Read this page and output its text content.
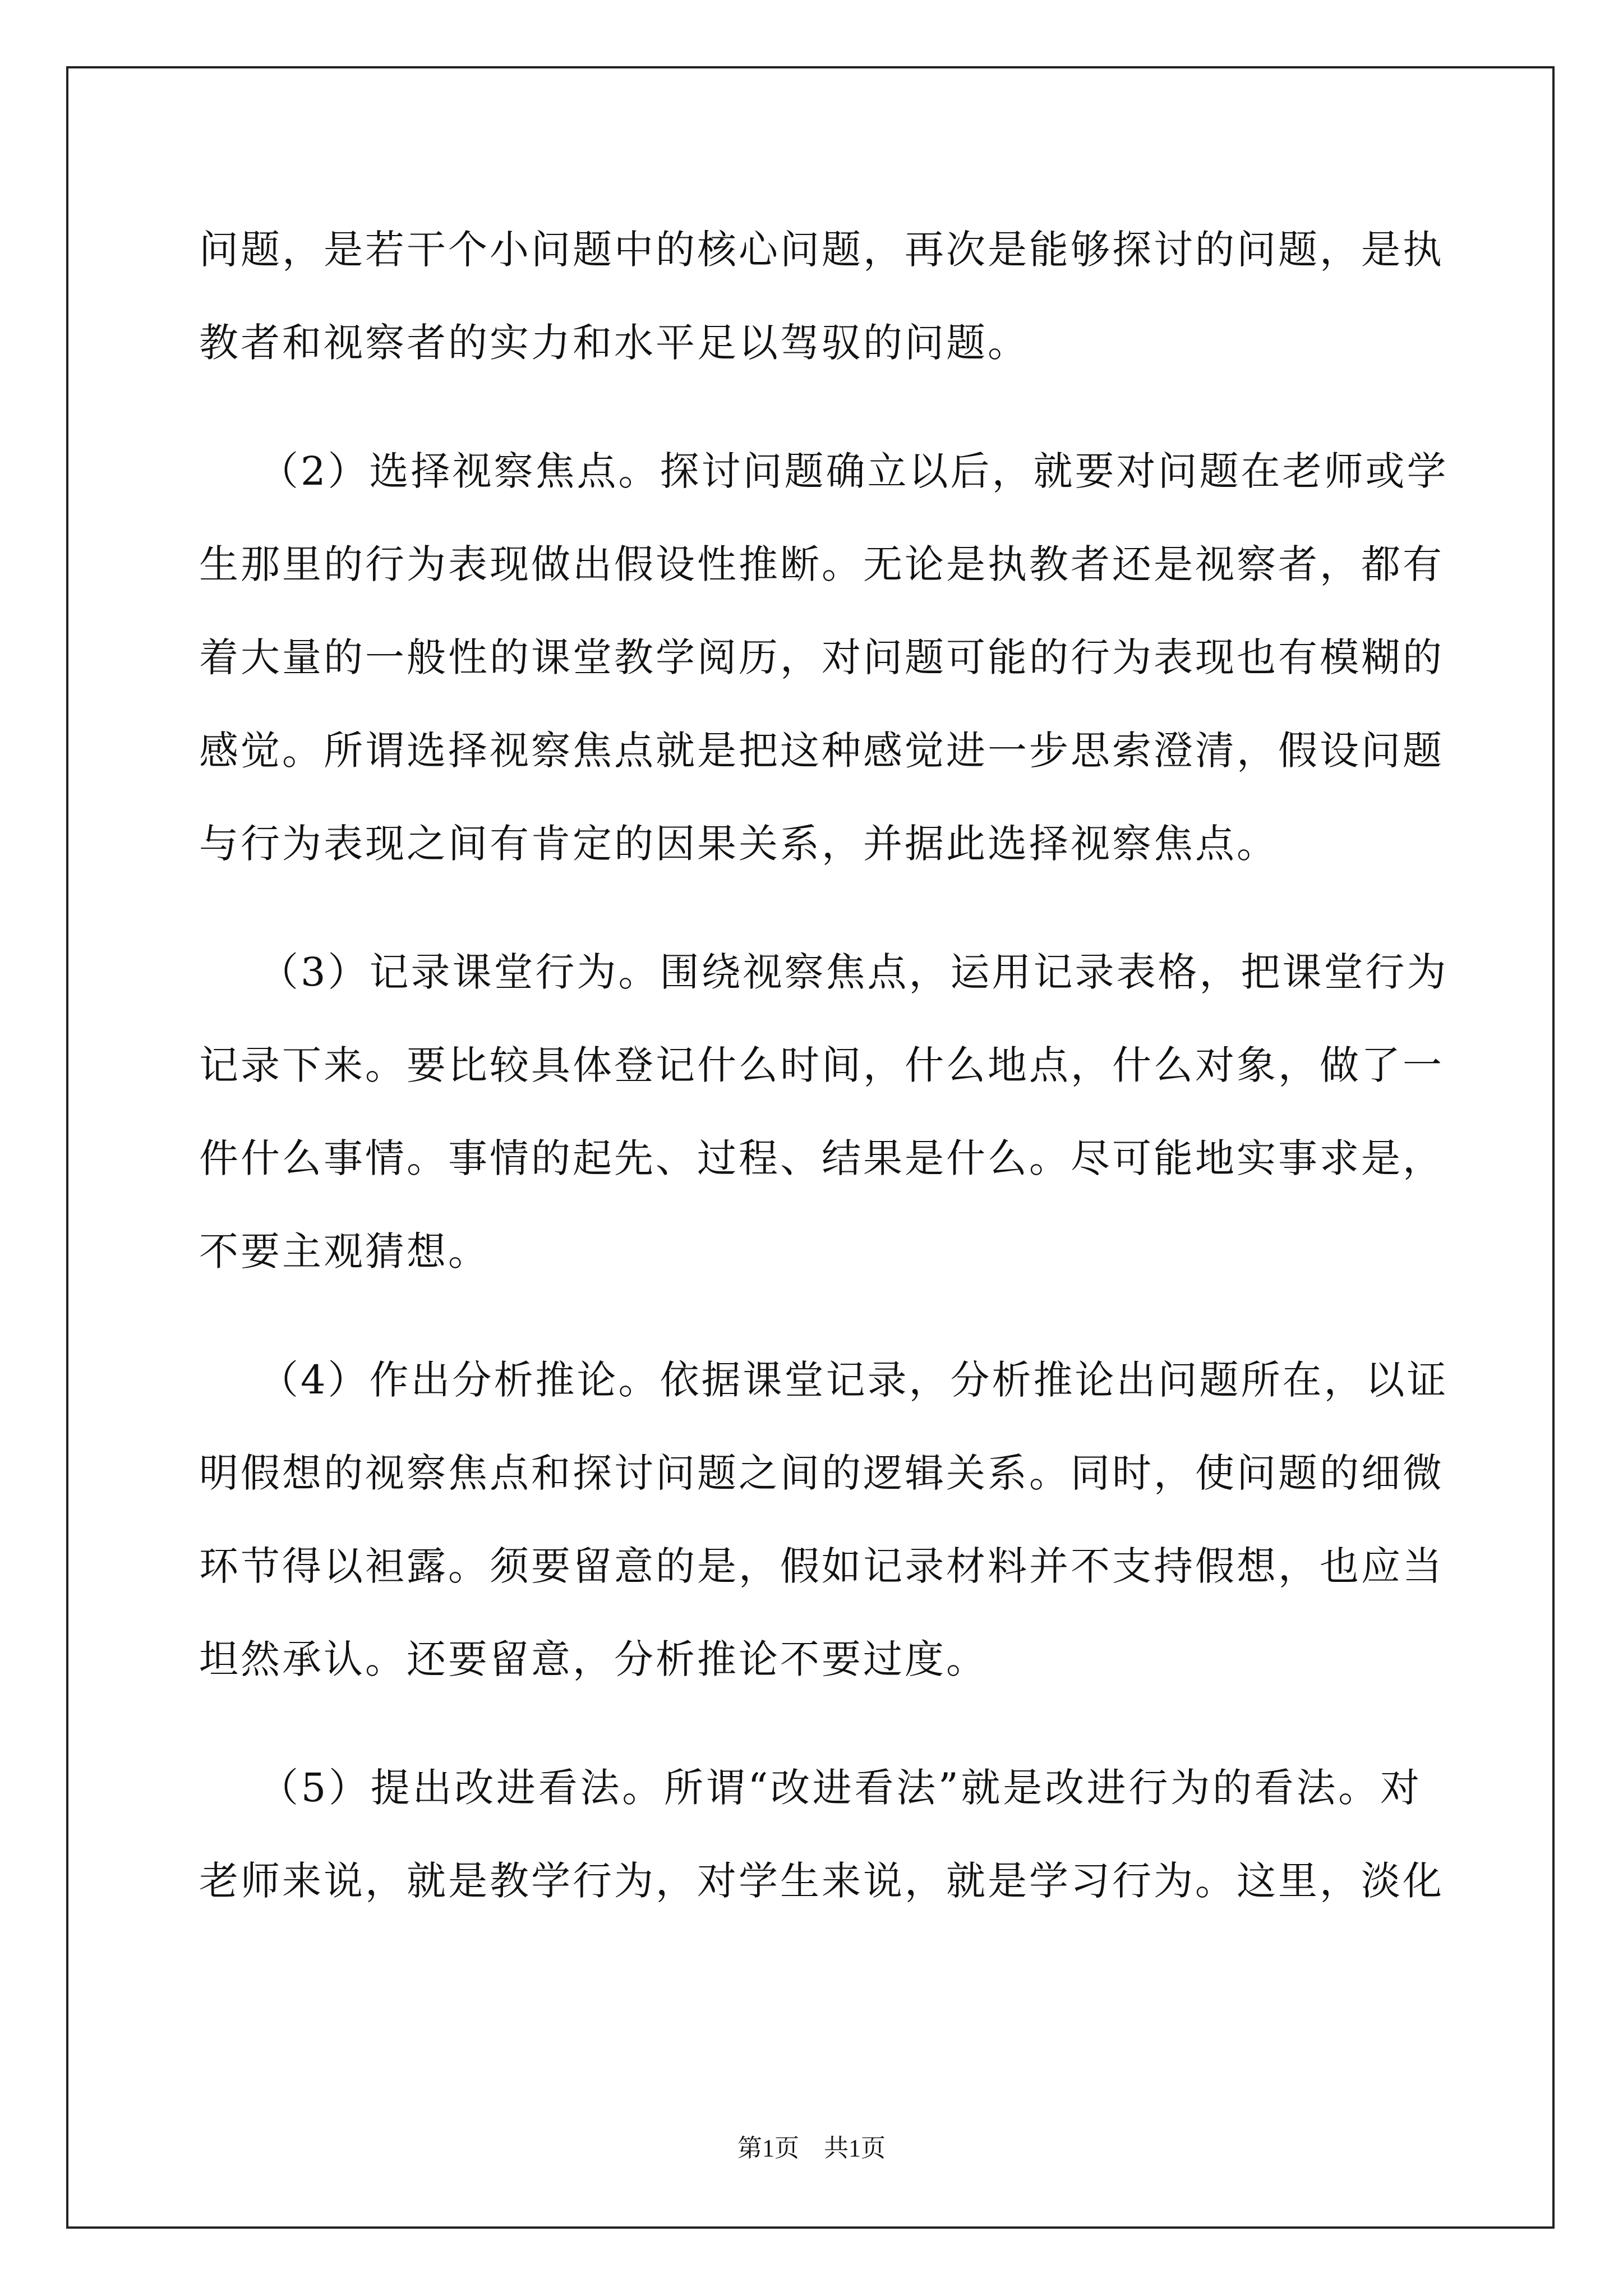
问题，是若干个小问题中的核心问题，再次是能够探讨的问题，是执
教者和视察者的实力和水平足以驾驭的问题。
（2）选择视察焦点。探讨问题确立以后，就要对问题在老师或学
生那里的行为表现做出假设性推断。无论是执教者还是视察者，都有
着大量的一般性的课堂教学阅历，对问题可能的行为表现也有模糊的
感觉。所谓选择视察焦点就是把这种感觉进一步思索澄清，假设问题
与行为表现之间有肯定的因果关系，并据此选择视察焦点。
（3）记录课堂行为。围绕视察焦点，运用记录表格，把课堂行为
记录下来。要比较具体登记什么时间，什么地点，什么对象，做了一
件什么事情。事情的起先、过程、结果是什么。尽可能地实事求是，
不要主观猜想。
（4）作出分析推论。依据课堂记录，分析推论出问题所在，以证
明假想的视察焦点和探讨问题之间的逻辑关系。同时，使问题的细微
环节得以袒露。须要留意的是，假如记录材料并不支持假想，也应当
坦然承认。还要留意，分析推论不要过度。
（5）提出改进看法。所谓“改进看法”就是改进行为的看法。对
老师来说，就是教学行为，对学生来说，就是学习行为。这里，淡化
第1页　共1页
